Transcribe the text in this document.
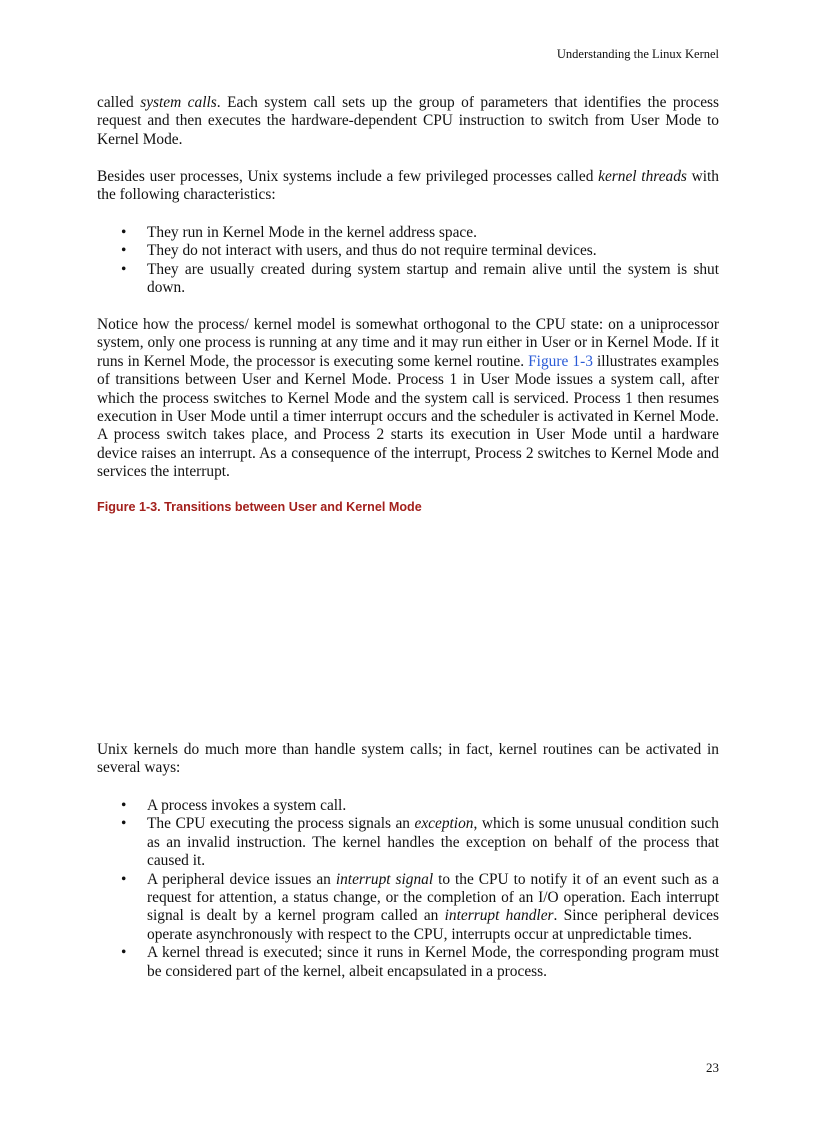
Understanding the Linux Kernel

called system calls. Each system call sets up the group of parameters that identifies the process request and then executes the hardware-dependent CPU instruction to switch from User Mode to Kernel Mode.

Besides user processes, Unix systems include a few privileged processes called kernel threads with the following characteristics:

• They run in Kernel Mode in the kernel address space.
• They do not interact with users, and thus do not require terminal devices.
• They are usually created during system startup and remain alive until the system is shut down.

Notice how the process/ kernel model is somewhat orthogonal to the CPU state: on a uniprocessor system, only one process is running at any time and it may run either in User or in Kernel Mode. If it runs in Kernel Mode, the processor is executing some kernel routine. Figure 1-3 illustrates examples of transitions between User and Kernel Mode. Process 1 in User Mode issues a system call, after which the process switches to Kernel Mode and the system call is serviced. Process 1 then resumes execution in User Mode until a timer interrupt occurs and the scheduler is activated in Kernel Mode. A process switch takes place, and Process 2 starts its execution in User Mode until a hardware device raises an interrupt. As a consequence of the interrupt, Process 2 switches to Kernel Mode and services the interrupt.

Figure 1-3. Transitions between User and Kernel Mode

Unix kernels do much more than handle system calls; in fact, kernel routines can be activated in several ways:

• A process invokes a system call.
• The CPU executing the process signals an exception, which is some unusual condition such as an invalid instruction. The kernel handles the exception on behalf of the process that caused it.
• A peripheral device issues an interrupt signal to the CPU to notify it of an event such as a request for attention, a status change, or the completion of an I/O operation. Each interrupt signal is dealt by a kernel program called an interrupt handler. Since peripheral devices operate asynchronously with respect to the CPU, interrupts occur at unpredictable times.
• A kernel thread is executed; since it runs in Kernel Mode, the corresponding program must be considered part of the kernel, albeit encapsulated in a process.
23
